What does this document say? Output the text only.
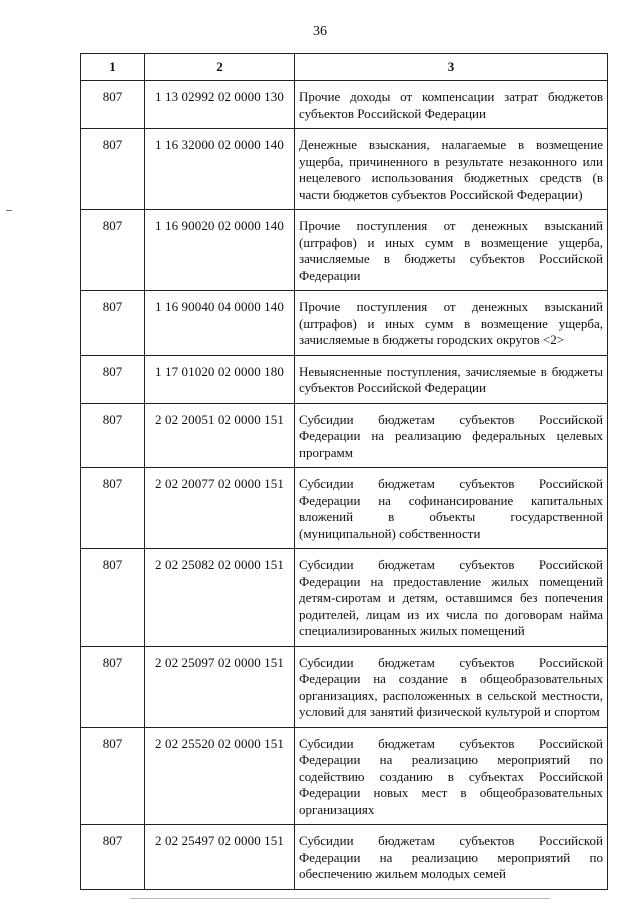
36
1	2	3
807	1 13 02992 02 0000 130	Прочие доходы от компенсации затрат бюджетов субъектов Российской Федерации
807	1 16 32000 02 0000 140	Денежные взыскания, налагаемые в возмещение ущерба, причиненного в результате незаконного или нецелевого использования бюджетных средств (в части бюджетов субъектов Российской Федерации)
807	1 16 90020 02 0000 140	Прочие поступления от денежных взысканий (штрафов) и иных сумм в возмещение ущерба, зачисляемые в бюджеты субъектов Российской Федерации
807	1 16 90040 04 0000 140	Прочие поступления от денежных взысканий (штрафов) и иных сумм в возмещение ущерба, зачисляемые в бюджеты городских округов <2>
807	1 17 01020 02 0000 180	Невыясненные поступления, зачисляемые в бюджеты субъектов Российской Федерации
807	2 02 20051 02 0000 151	Субсидии бюджетам субъектов Российской Федерации на реализацию федеральных целевых программ
807	2 02 20077 02 0000 151	Субсидии бюджетам субъектов Российской Федерации на софинансирование капитальных вложений в объекты государственной (муниципальной) собственности
807	2 02 25082 02 0000 151	Субсидии бюджетам субъектов Российской Федерации на предоставление жилых помещений детям-сиротам и детям, оставшимся без попечения родителей, лицам из их числа по договорам найма специализированных жилых помещений
807	2 02 25097 02 0000 151	Субсидии бюджетам субъектов Российской Федерации на создание в общеобразовательных организациях, расположенных в сельской местности, условий для занятий физической культурой и спортом
807	2 02 25520 02 0000 151	Субсидии бюджетам субъектов Российской Федерации на реализацию мероприятий по содействию созданию в субъектах Российской Федерации новых мест в общеобразовательных организациях
807	2 02 25497 02 0000 151	Субсидии бюджетам субъектов Российской Федерации на реализацию мероприятий по обеспечению жильем молодых семей
